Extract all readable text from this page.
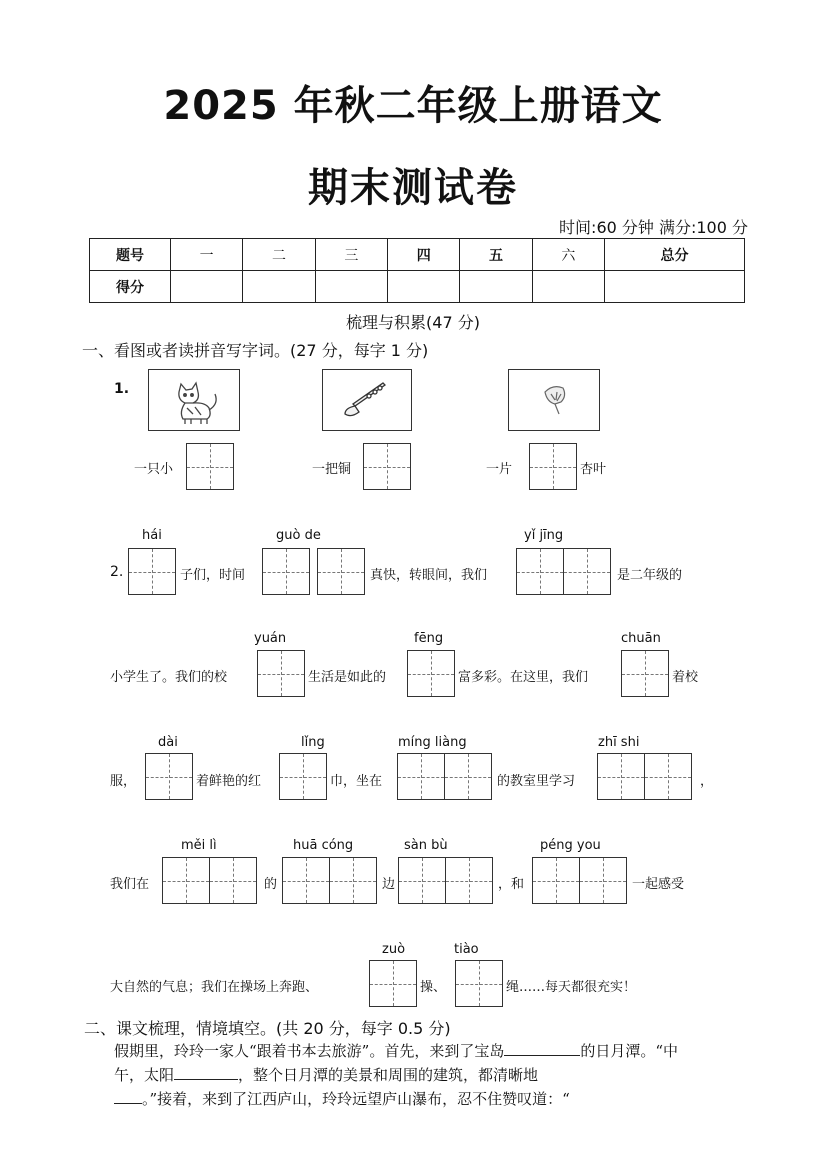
2025 年秋二年级上册语文
期末测试卷
时间:60 分钟 满分:100 分
题号	一	二	三	四	五	六	总分
得分							
梳理与积累(47 分)
一、看图或者读拼音写字词。(27 分，每字 1 分)
1.
一只小	一把铜	一片	杏叶
hái	guò de	yǐ jīng
2.	子们，时间	真快，转眼间，我们	是二年级的
yuán	fēng	chuān
小学生了。我们的校	生活是如此的	富多彩。在这里，我们	着校
dài	lǐng	míng liàng	zhī shi
服，	着鲜艳的红	巾，坐在	的教室里学习	，
měi lì	huā cóng	sàn bù	péng you
我们在	的	边	，和	一起感受
zuò	tiào
大自然的气息；我们在操场上奔跑、	操、	绳……每天都很充实！
二、课文梳理，情境填空。(共 20 分，每字 0.5 分)
假期里，玲玲一家人“跟着书本去旅游”。首先，来到了宝岛	的日月潭。“中
午，太阳	，整个日月潭的美景和周围的建筑，都清晰地
。”接着，来到了江西庐山，玲玲远望庐山瀑布，忍不住赞叹道：“
